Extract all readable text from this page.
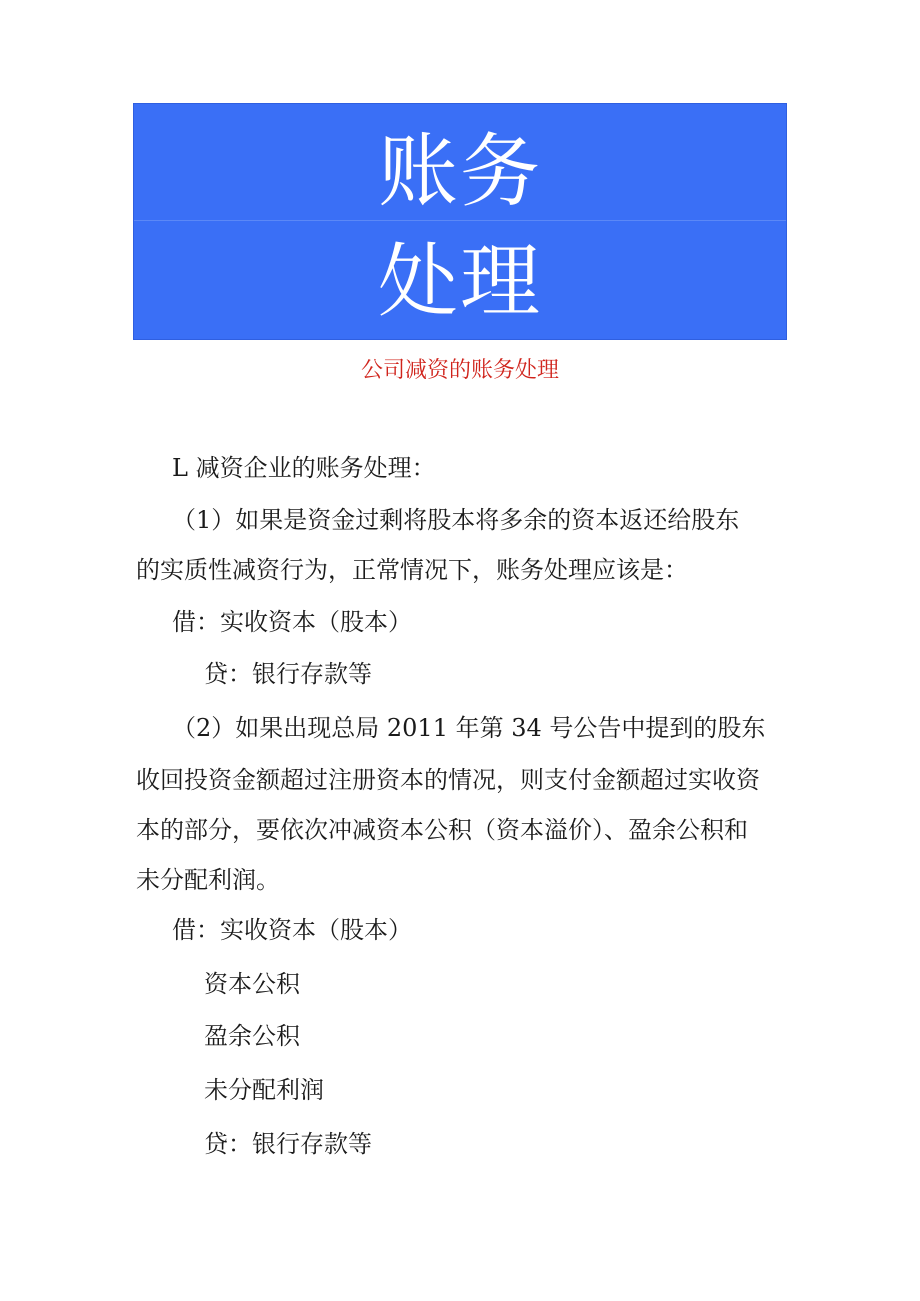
账务
处理
公司减资的账务处理
L 减资企业的账务处理：
（1）如果是资金过剩将股本将多余的资本返还给股东
的实质性减资行为，正常情况下，账务处理应该是：
借：实收资本（股本）
贷：银行存款等
（2）如果出现总局 2011 年第 34 号公告中提到的股东
收回投资金额超过注册资本的情况，则支付金额超过实收资
本的部分，要依次冲减资本公积（资本溢价）、盈余公积和
未分配利润。
借：实收资本（股本）
资本公积
盈余公积
未分配利润
贷：银行存款等
